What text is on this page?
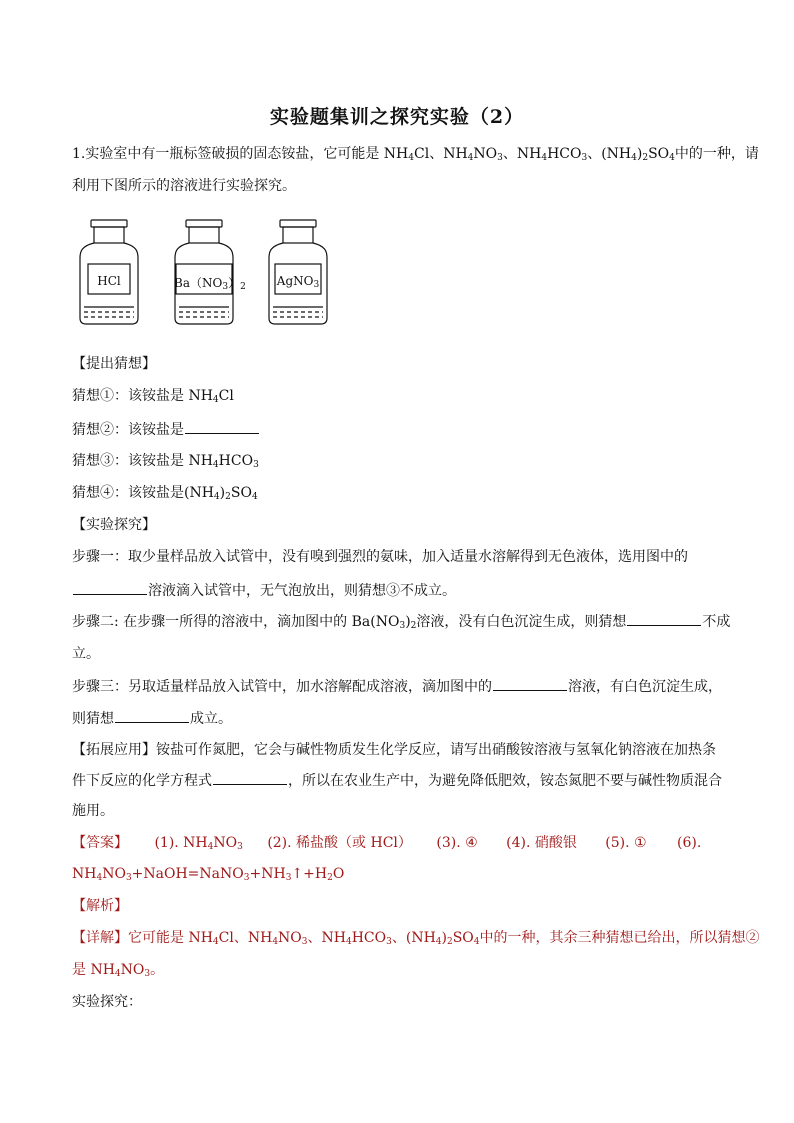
实验题集训之探究实验（2）
1.实验室中有一瓶标签破损的固态铵盐，它可能是 $NH_4Cl$、$NH_4NO_3$、$NH_4HCO_3$、$(NH_4)_2SO_4$中的一种，请
利用下图所示的溶液进行实验探究。
HCl	$Ba(NO_3)_2$	AgNO$_3$
【提出猜想】
猜想①：该铵盐是 $NH_4Cl$
猜想②：该铵盐是
猜想③：该铵盐是 $NH_4HCO_3$
猜想④：该铵盐是$(NH_4)_2SO_4$
【实验探究】
步骤一：取少量样品放入试管中，没有嗅到强烈的氨味，加入适量水溶解得到无色液体，选用图中的
溶液滴入试管中，无气泡放出，则猜想③不成立。
步骤二: 在步骤一所得的溶液中，滴加图中的 $Ba(NO_3)_2$溶液，没有白色沉淀生成，则猜想	不成
立。
步骤三：另取适量样品放入试管中，加水溶解配成溶液，滴加图中的	溶液，有白色沉淀生成，
则猜想	成立。
【拓展应用】铵盐可作氮肥，它会与碱性物质发生化学反应，请写出硝酸铵溶液与氢氧化钠溶液在加热条
件下反应的化学方程式	，所以在农业生产中，为避免降低肥效，铵态氮肥不要与碱性物质混合
施用。
【答案】 (1). $NH_4NO_3$ (2). 稀盐酸（或 HCl） (3). ④ (4). 硝酸银 (5). ① (6).
$NH_4NO_3+NaOH=NaNO_3+NH_3↑+H_2O$
【解析】
【详解】它可能是 $NH_4Cl$、$NH_4NO_3$、$NH_4HCO_3$、$(NH_4)_2SO_4$中的一种，其余三种猜想已给出，所以猜想②
是 $NH_4NO_3$。
实验探究：
